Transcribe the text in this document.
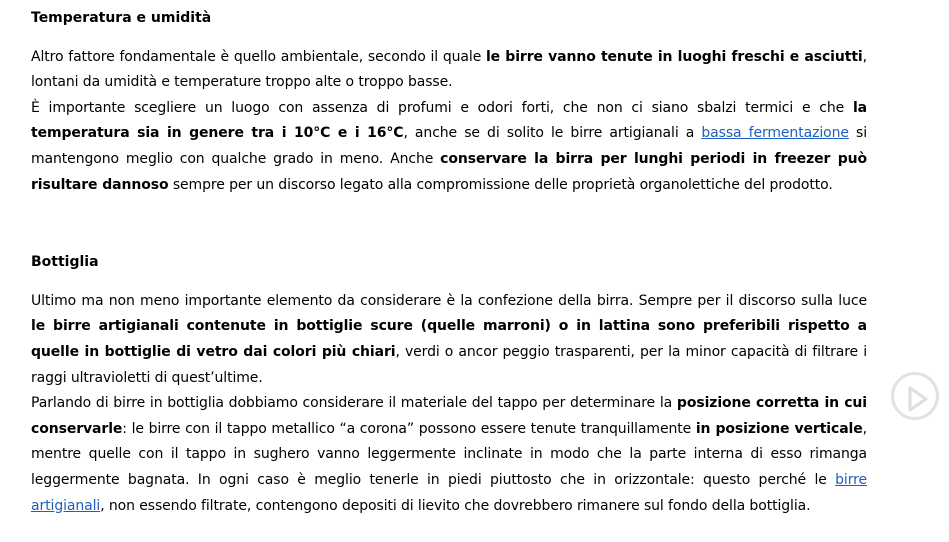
Temperatura e umidità

Altro fattore fondamentale è quello ambientale, secondo il quale le birre vanno tenute in luoghi freschi e asciutti, lontani da umidità e temperature troppo alte o troppo basse.

È importante scegliere un luogo con assenza di profumi e odori forti, che non ci siano sbalzi termici e che la temperatura sia in genere tra i 10°C e i 16°C, anche se di solito le birre artigianali a bassa fermentazione si mantengono meglio con qualche grado in meno. Anche conservare la birra per lunghi periodi in freezer può risultare dannoso sempre per un discorso legato alla compromissione delle proprietà organolettiche del prodotto.

Bottiglia

Ultimo ma non meno importante elemento da considerare è la confezione della birra. Sempre per il discorso sulla luce le birre artigianali contenute in bottiglie scure (quelle marroni) o in lattina sono preferibili rispetto a quelle in bottiglie di vetro dai colori più chiari, verdi o ancor peggio trasparenti, per la minor capacità di filtrare i raggi ultravioletti di quest’ultime.

Parlando di birre in bottiglia dobbiamo considerare il materiale del tappo per determinare la posizione corretta in cui conservarle: le birre con il tappo metallico “a corona” possono essere tenute tranquillamente in posizione verticale, mentre quelle con il tappo in sughero vanno leggermente inclinate in modo che la parte interna di esso rimanga leggermente bagnata. In ogni caso è meglio tenerle in piedi piuttosto che in orizzontale: questo perché le birre artigianali, non essendo filtrate, contengono depositi di lievito che dovrebbero rimanere sul fondo della bottiglia.
